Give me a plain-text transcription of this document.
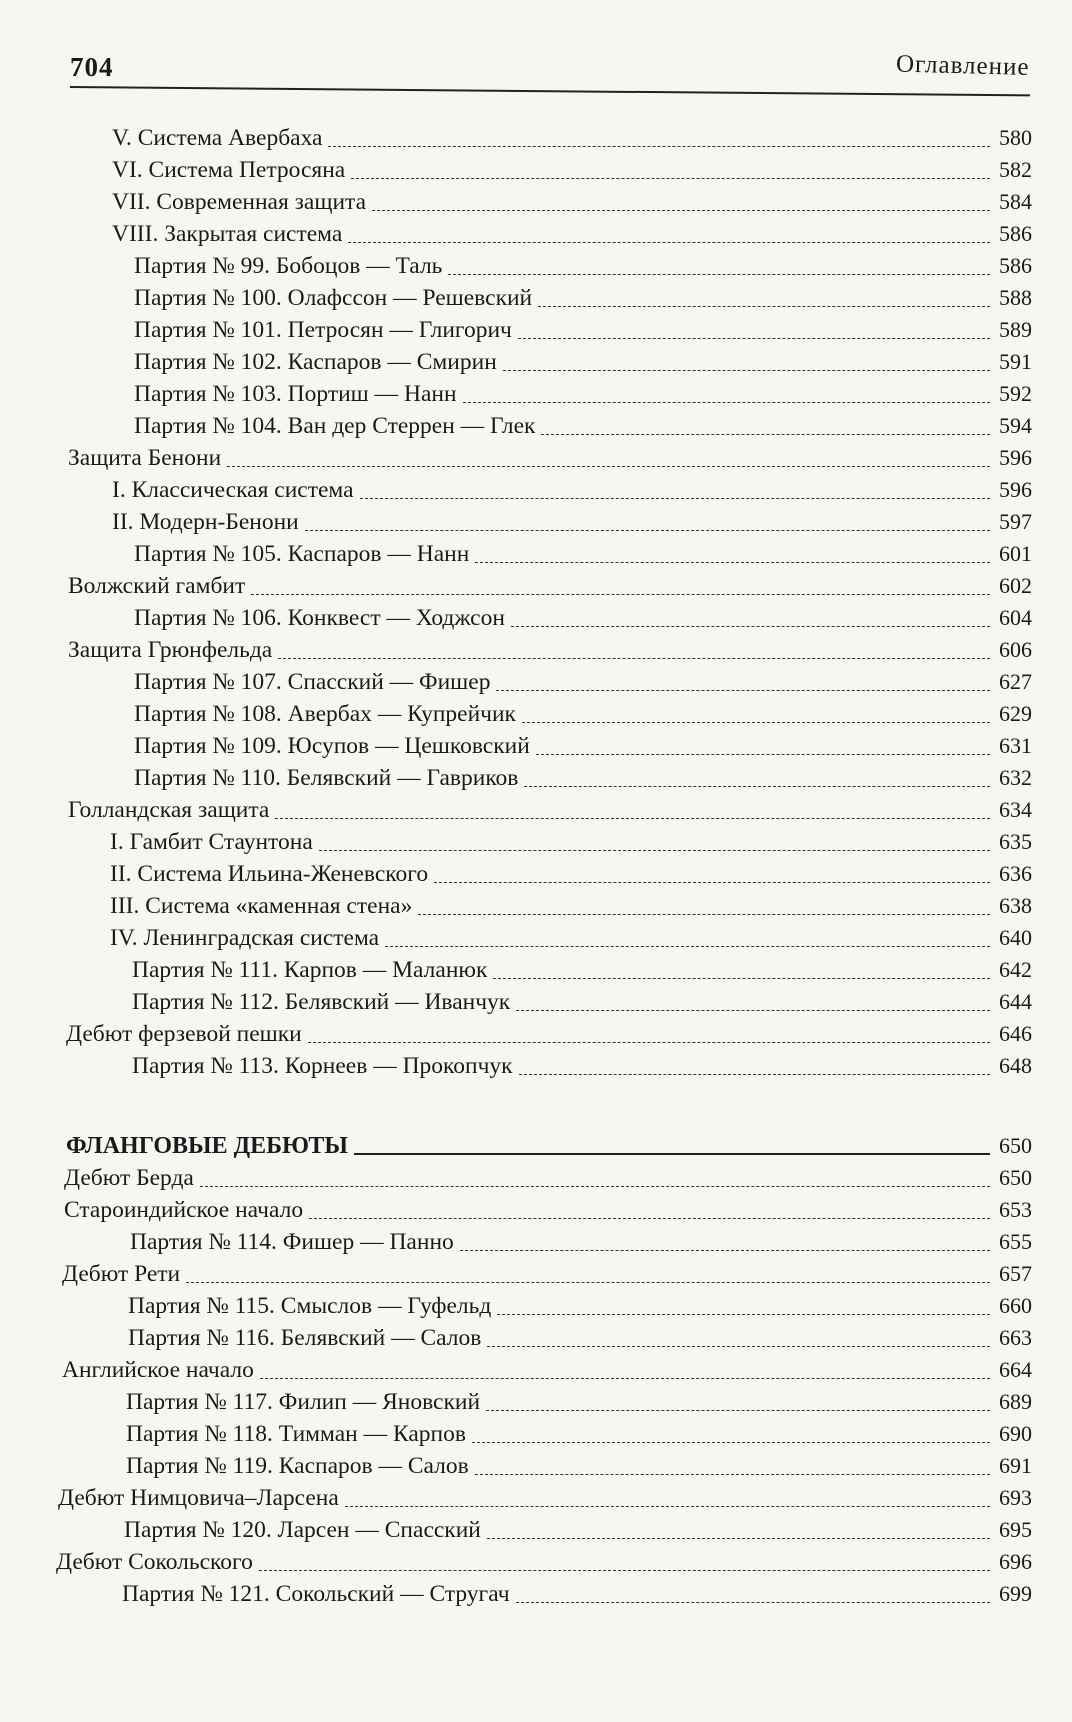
704	Оглавление
V. Система Авербаха	580
VI. Система Петросяна	582
VII. Современная защита	584
VIII. Закрытая система	586
Партия № 99. Бобоцов — Таль	586
Партия № 100. Олафссон — Решевский	588
Партия № 101. Петросян — Глигорич	589
Партия № 102. Каспаров — Смирин	591
Партия № 103. Портиш — Нанн	592
Партия № 104. Ван дер Стеррен — Глек	594
Защита Бенони	596
I. Классическая система	596
II. Модерн-Бенони	597
Партия № 105. Каспаров — Нанн	601
Волжский гамбит	602
Партия № 106. Конквест — Ходжсон	604
Защита Грюнфельда	606
Партия № 107. Спасский — Фишер	627
Партия № 108. Авербах — Купрейчик	629
Партия № 109. Юсупов — Цешковский	631
Партия № 110. Белявский — Гавриков	632
Голландская защита	634
I. Гамбит Стаунтона	635
II. Система Ильина-Женевского	636
III. Система «каменная стена»	638
IV. Ленинградская система	640
Партия № 111. Карпов — Маланюк	642
Партия № 112. Белявский — Иванчук	644
Дебют ферзевой пешки	646
Партия № 113. Корнеев — Прокопчук	648
ФЛАНГОВЫЕ ДЕБЮТЫ	650
Дебют Берда	650
Староиндийское начало	653
Партия № 114. Фишер — Панно	655
Дебют Рети	657
Партия № 115. Смыслов — Гуфельд	660
Партия № 116. Белявский — Салов	663
Английское начало	664
Партия № 117. Филип — Яновский	689
Партия № 118. Тимман — Карпов	690
Партия № 119. Каспаров — Салов	691
Дебют Нимцовича–Ларсена	693
Партия № 120. Ларсен — Спасский	695
Дебют Сокольского	696
Партия № 121. Сокольский — Стругач	699
